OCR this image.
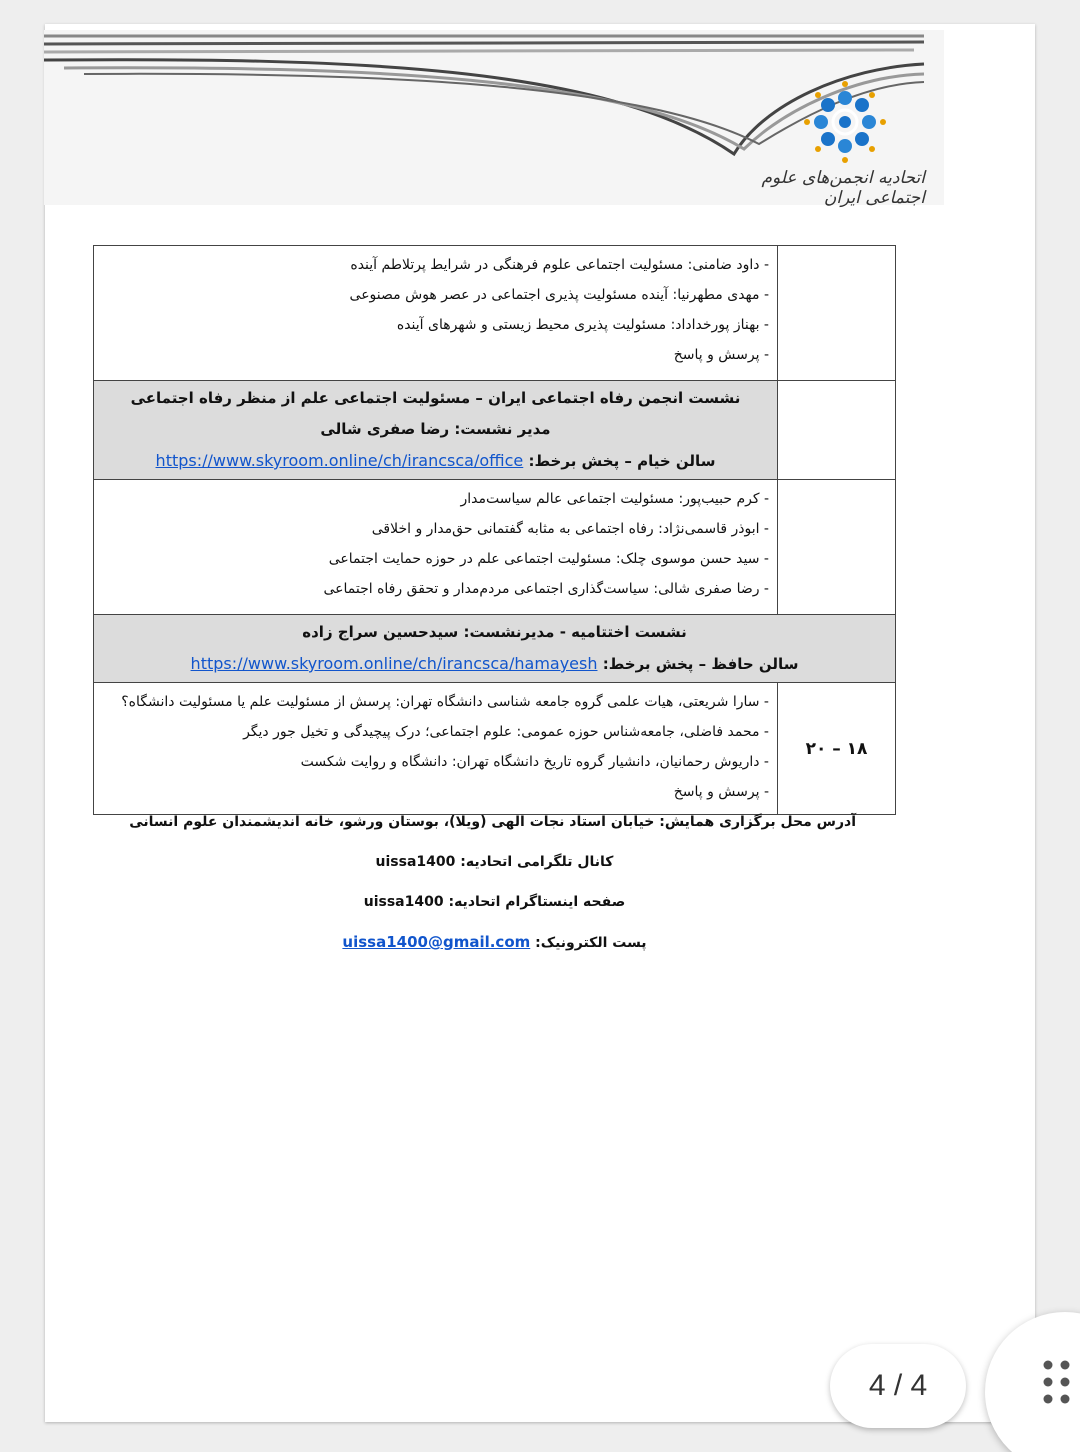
اتحادیه انجمن‌های علوم اجتماعی ایران

	- داود ضامنی: مسئولیت اجتماعی علوم فرهنگی در شرایط پرتلاطم آینده
- مهدی مطهرنیا: آینده مسئولیت پذیری اجتماعی در عصر هوش مصنوعی
- بهناز پورخداداد: مسئولیت پذیری محیط زیستی و شهرهای آینده
- پرسش و پاسخ

	نشست انجمن رفاه اجتماعی ایران – مسئولیت اجتماعی علم از منظر رفاه اجتماعی
مدیر نشست: رضا صفری شالی
سالن خیام – پخش برخط: https://www.skyroom.online/ch/irancsca/office

	- کرم حبیب‌پور: مسئولیت اجتماعی عالم سیاست‌مدار
- ابوذر قاسمی‌نژاد: رفاه اجتماعی به مثابه گفتمانی حق‌مدار و اخلاقی
- سید حسن موسوی چلک: مسئولیت اجتماعی علم در حوزه حمایت اجتماعی
- رضا صفری شالی: سیاست‌گذاری اجتماعی مردم‌مدار و تحقق رفاه اجتماعی

نشست اختتامیه - مدیرنشست: سیدحسین سراج زاده
سالن حافظ – پخش برخط: https://www.skyroom.online/ch/irancsca/hamayesh	

۱۸ – ۲۰	- سارا شریعتی، هیات علمی گروه جامعه شناسی دانشگاه تهران: پرسش از مسئولیت علم یا مسئولیت دانشگاه؟
- محمد فاضلی، جامعه‌شناس حوزه عمومی: علوم اجتماعی؛ درک پیچیدگی و تخیل جور دیگر
- داریوش رحمانیان، دانشیار گروه تاریخ دانشگاه تهران: دانشگاه و روایت شکست
- پرسش و پاسخ
آدرس محل برگزاری همایش: خیابان استاد نجات الهی (ویلا)، بوستان ورشو، خانه اندیشمندان علوم انسانی
کانال تلگرامی اتحادیه: uissa1400
صفحه اینستاگرام اتحادیه: uissa1400
پست الکترونیک: uissa1400@gmail.com
4 / 4
